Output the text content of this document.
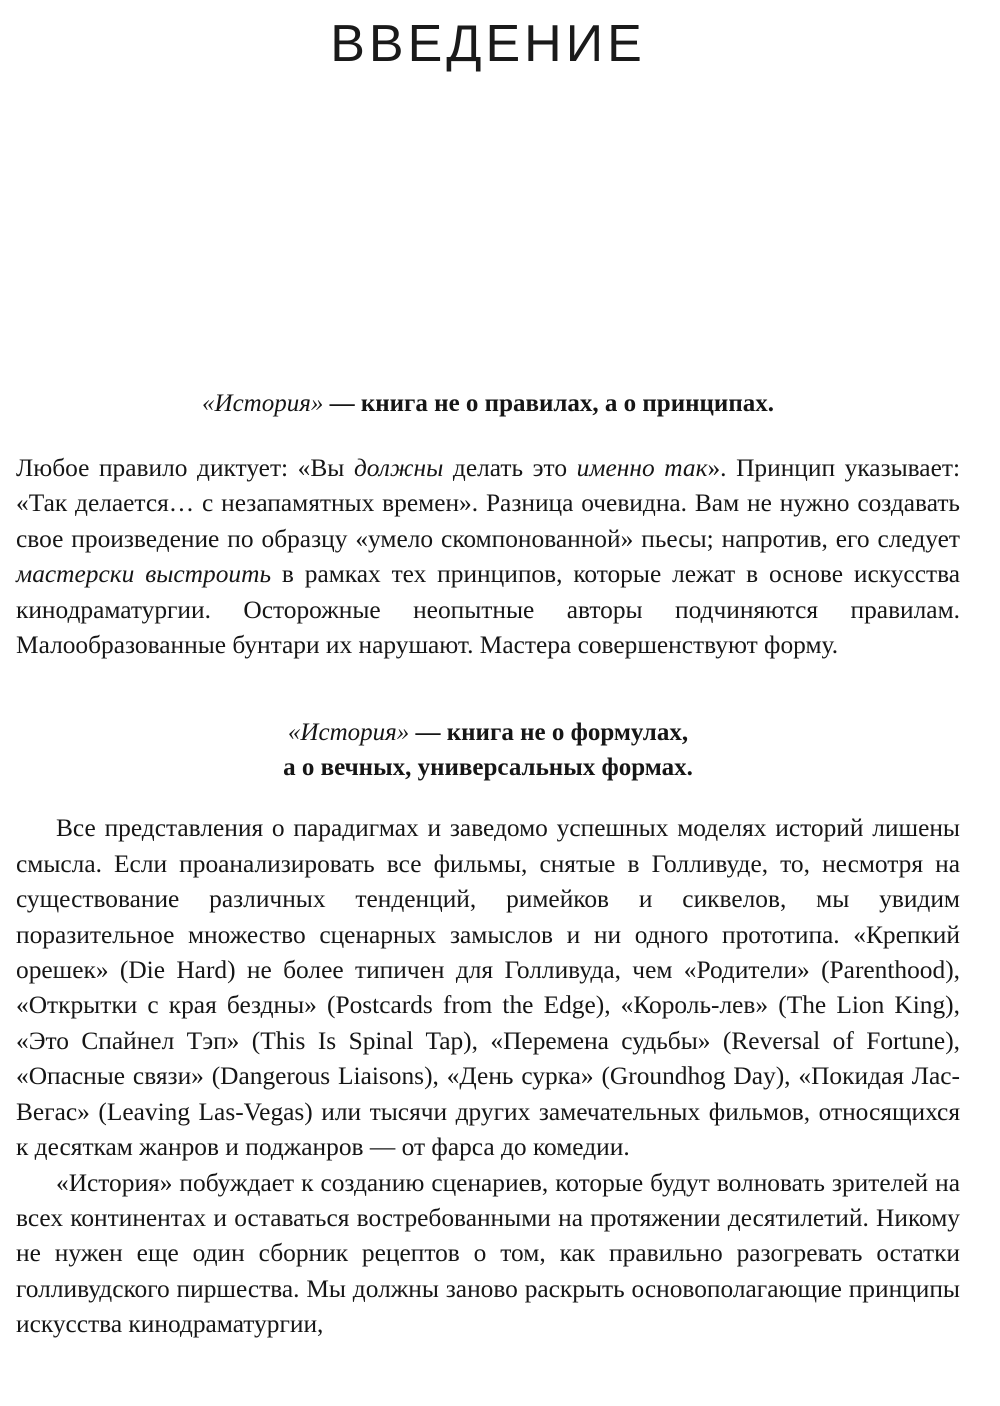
ВВЕДЕНИЕ

«История» — книга не о правилах, а о принципах.

Любое правило диктует: «Вы должны делать это именно так». Принцип указывает: «Так делается… с незапамятных времен». Разница очевидна. Вам не нужно создавать свое произведение по образцу «умело скомпонованной» пьесы; напротив, его следует мастерски выстроить в рамках тех принципов, которые лежат в основе искусства кинодраматургии. Осторожные неопытные авторы подчиняются правилам. Малообразованные бунтари их нарушают. Мастера совершенствуют форму.

«История» — книга не о формулах,
а о вечных, универсальных формах.

Все представления о парадигмах и заведомо успешных моделях историй лишены смысла. Если проанализировать все фильмы, снятые в Голливуде, то, несмотря на существование различных тенденций, римейков и сиквелов, мы увидим поразительное множество сценарных замыслов и ни одного прототипа. «Крепкий орешек» (Die Hard) не более типичен для Голливуда, чем «Родители» (Parenthood), «Открытки с края бездны» (Postcards from the Edge), «Король-лев» (The Lion King), «Это Спайнел Тэп» (This Is Spinal Tap), «Перемена судьбы» (Reversal of Fortune), «Опасные связи» (Dangerous Liaisons), «День сурка» (Groundhog Day), «Покидая Лас-Вегас» (Leaving Las-Vegas) или тысячи других замечательных фильмов, относящихся к десяткам жанров и поджанров — от фарса до комедии.

«История» побуждает к созданию сценариев, которые будут волновать зрителей на всех континентах и оставаться востребованными на протяжении десятилетий. Никому не нужен еще один сборник рецептов о том, как правильно разогревать остатки голливудского пиршества. Мы должны заново раскрыть основополагающие принципы искусства кинодраматургии,
